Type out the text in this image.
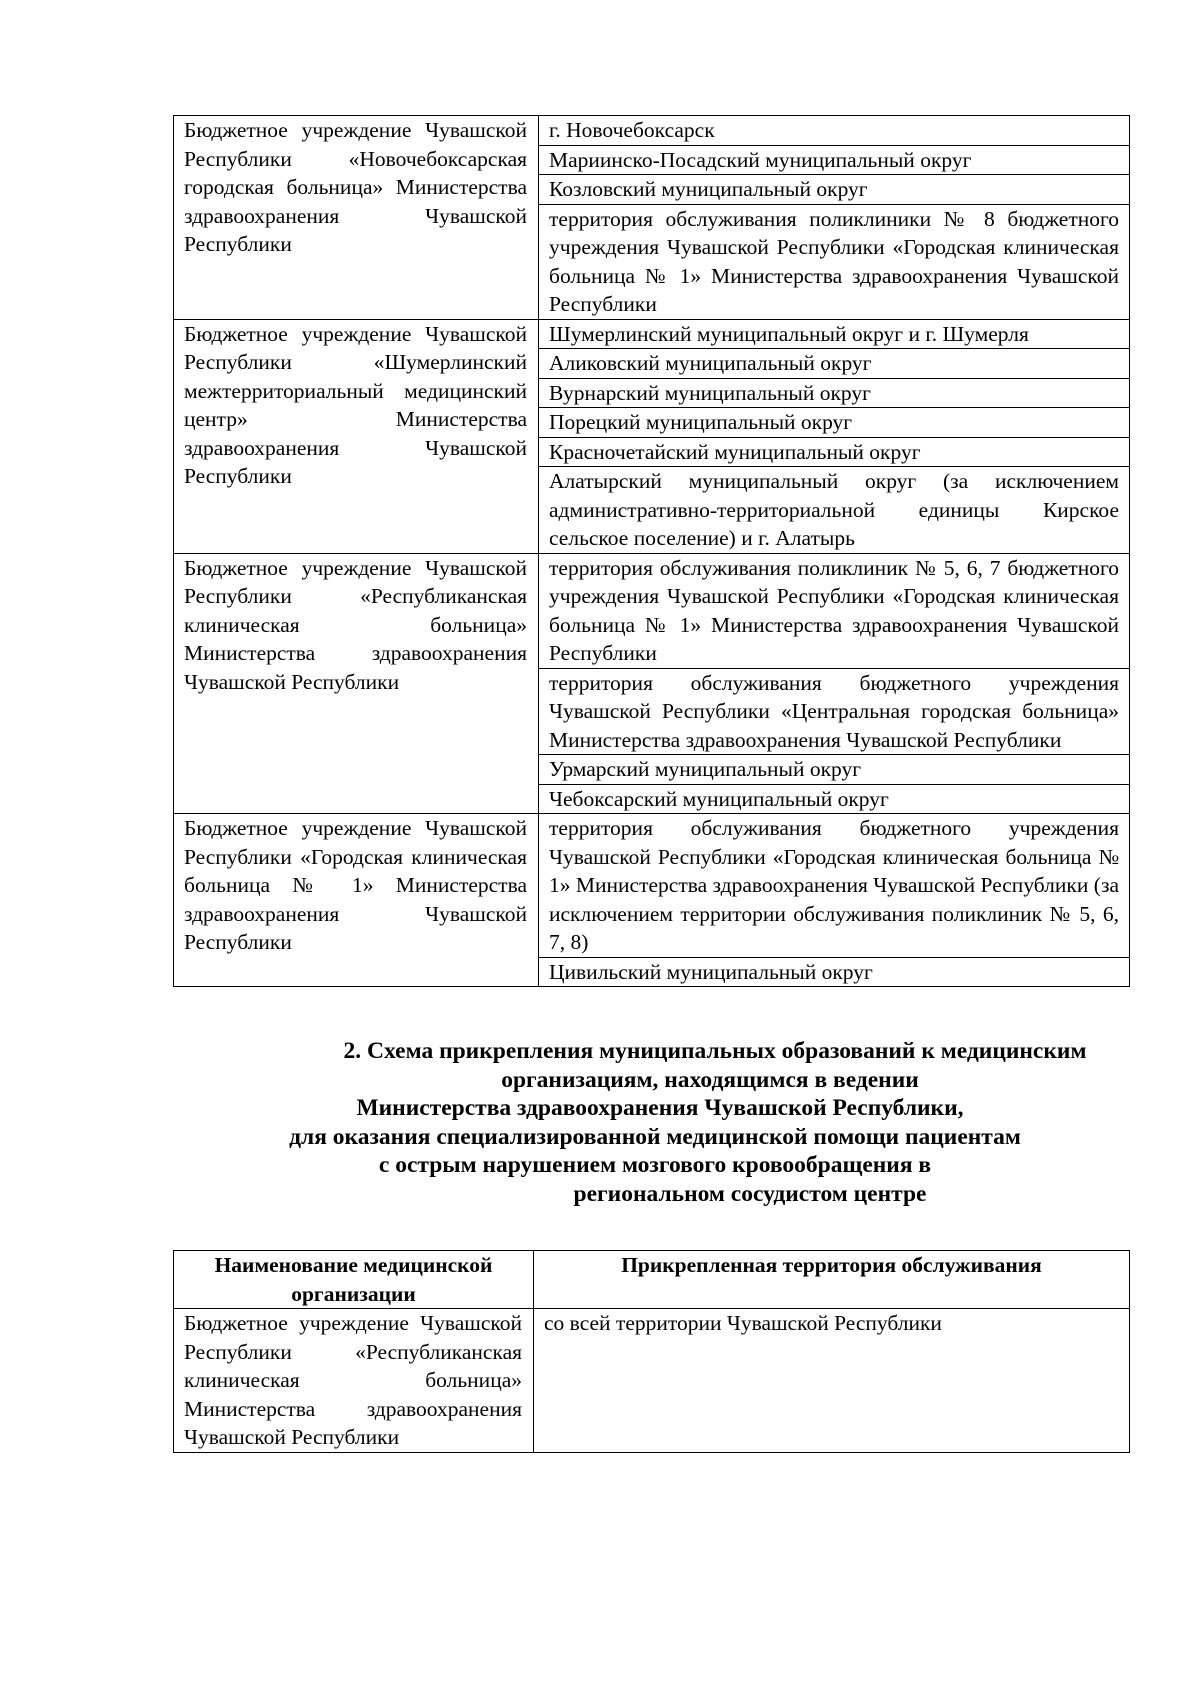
Бюджетное учреждение Чувашской Республики «Новочебоксарская городская больница» Министерства здравоохранения Чувашской Республики	г. Новочебоксарск
	Мариинско-Посадский муниципальный округ
	Козловский муниципальный округ
	территория обслуживания поликлиники № 8 бюджетного учреждения Чувашской Республики «Городская клиническая больница № 1» Министерства здравоохранения Чувашской Республики
Бюджетное учреждение Чувашской Республики «Шумерлинский межтерриториальный медицинский центр» Министерства здравоохранения Чувашской Республики	Шумерлинский муниципальный округ и г. Шумерля
	Аликовский муниципальный округ
	Вурнарский муниципальный округ
	Порецкий муниципальный округ
	Красночетайский муниципальный округ
	Алатырский муниципальный округ (за исключением административно-территориальной единицы Кирское сельское поселение) и г. Алатырь
Бюджетное учреждение Чувашской Республики «Республиканская клиническая больница» Министерства здравоохранения Чувашской Республики	территория обслуживания поликлиник № 5, 6, 7 бюджетного учреждения Чувашской Республики «Городская клиническая больница № 1» Министерства здравоохранения Чувашской Республики
	территория обслуживания бюджетного учреждения Чувашской Республики «Центральная городская больница» Министерства здравоохранения Чувашской Республики
	Урмарский муниципальный округ
	Чебоксарский муниципальный округ
Бюджетное учреждение Чувашской Республики «Городская клиническая больница № 1» Министерства здравоохранения Чувашской Республики	территория обслуживания бюджетного учреждения Чувашской Республики «Городская клиническая больница № 1» Министерства здравоохранения Чувашской Республики (за исключением территории обслуживания поликлиник № 5, 6, 7, 8)
	Цивильский муниципальный округ
2. Схема прикрепления муниципальных образований к медицинским
организациям, находящимся в ведении
Министерства здравоохранения Чувашской Республики,
для оказания специализированной медицинской помощи пациентам
с острым нарушением мозгового кровообращения в
региональном сосудистом центре
Наименование медицинской организации	Прикрепленная территория обслуживания
Бюджетное учреждение Чувашской Республики «Республиканская клиническая больница» Министерства здравоохранения Чувашской Республики	со всей территории Чувашской Республики
